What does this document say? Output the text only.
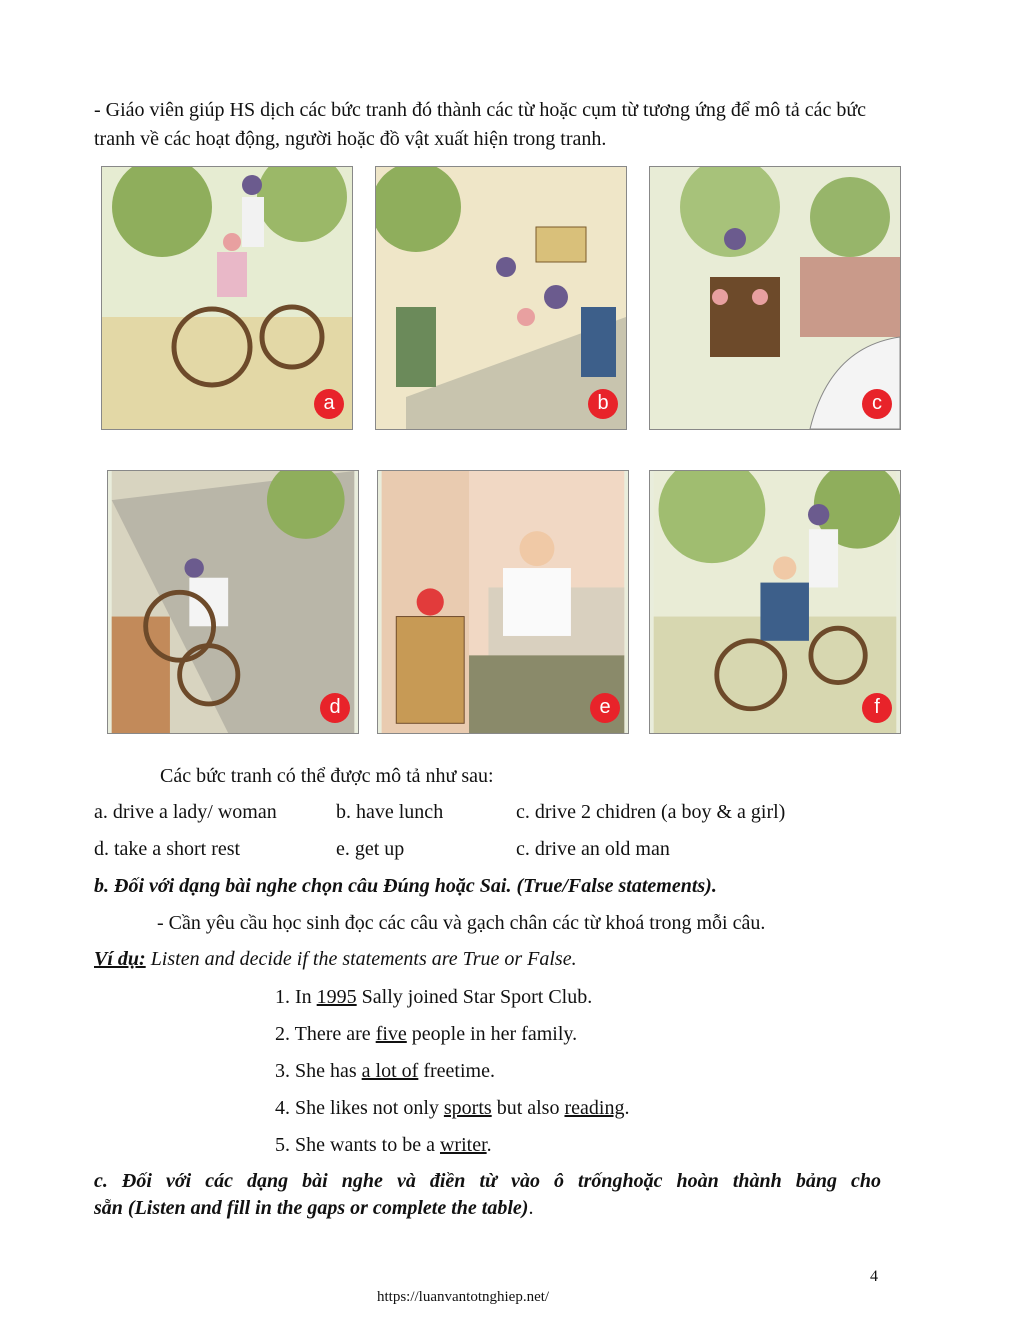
- Giáo viên giúp HS dịch các bức tranh đó thành các từ hoặc cụm từ tương ứng để mô tả các bức tranh về các hoạt động, người hoặc đồ vật xuất hiện trong tranh.
a	b	c
d	e	f
Các bức tranh có thể được mô tả như sau:
a. drive a lady/ woman	b. have lunch	c. drive 2 chidren (a boy & a girl)
d. take a short rest	e. get up	c. drive an old man
b. Đối với dạng bài nghe chọn câu Đúng hoặc Sai. (True/False statements).
- Cần yêu cầu học sinh đọc các câu và gạch chân các từ khoá trong mỗi câu.
Ví dụ: Listen and decide if the statements are True or False.
1. In 1995 Sally joined Star Sport Club.
2. There are five people in her family.
3. She has a lot of freetime.
4. She likes not only sports but also reading.
5. She wants to be a writer.
c. Đối với các dạng bài nghe và điền từ vào ô trốnghoặc hoàn thành bảng cho
sẵn (Listen and fill in the gaps or complete the table).
4
https://luanvantotnghiep.net/
